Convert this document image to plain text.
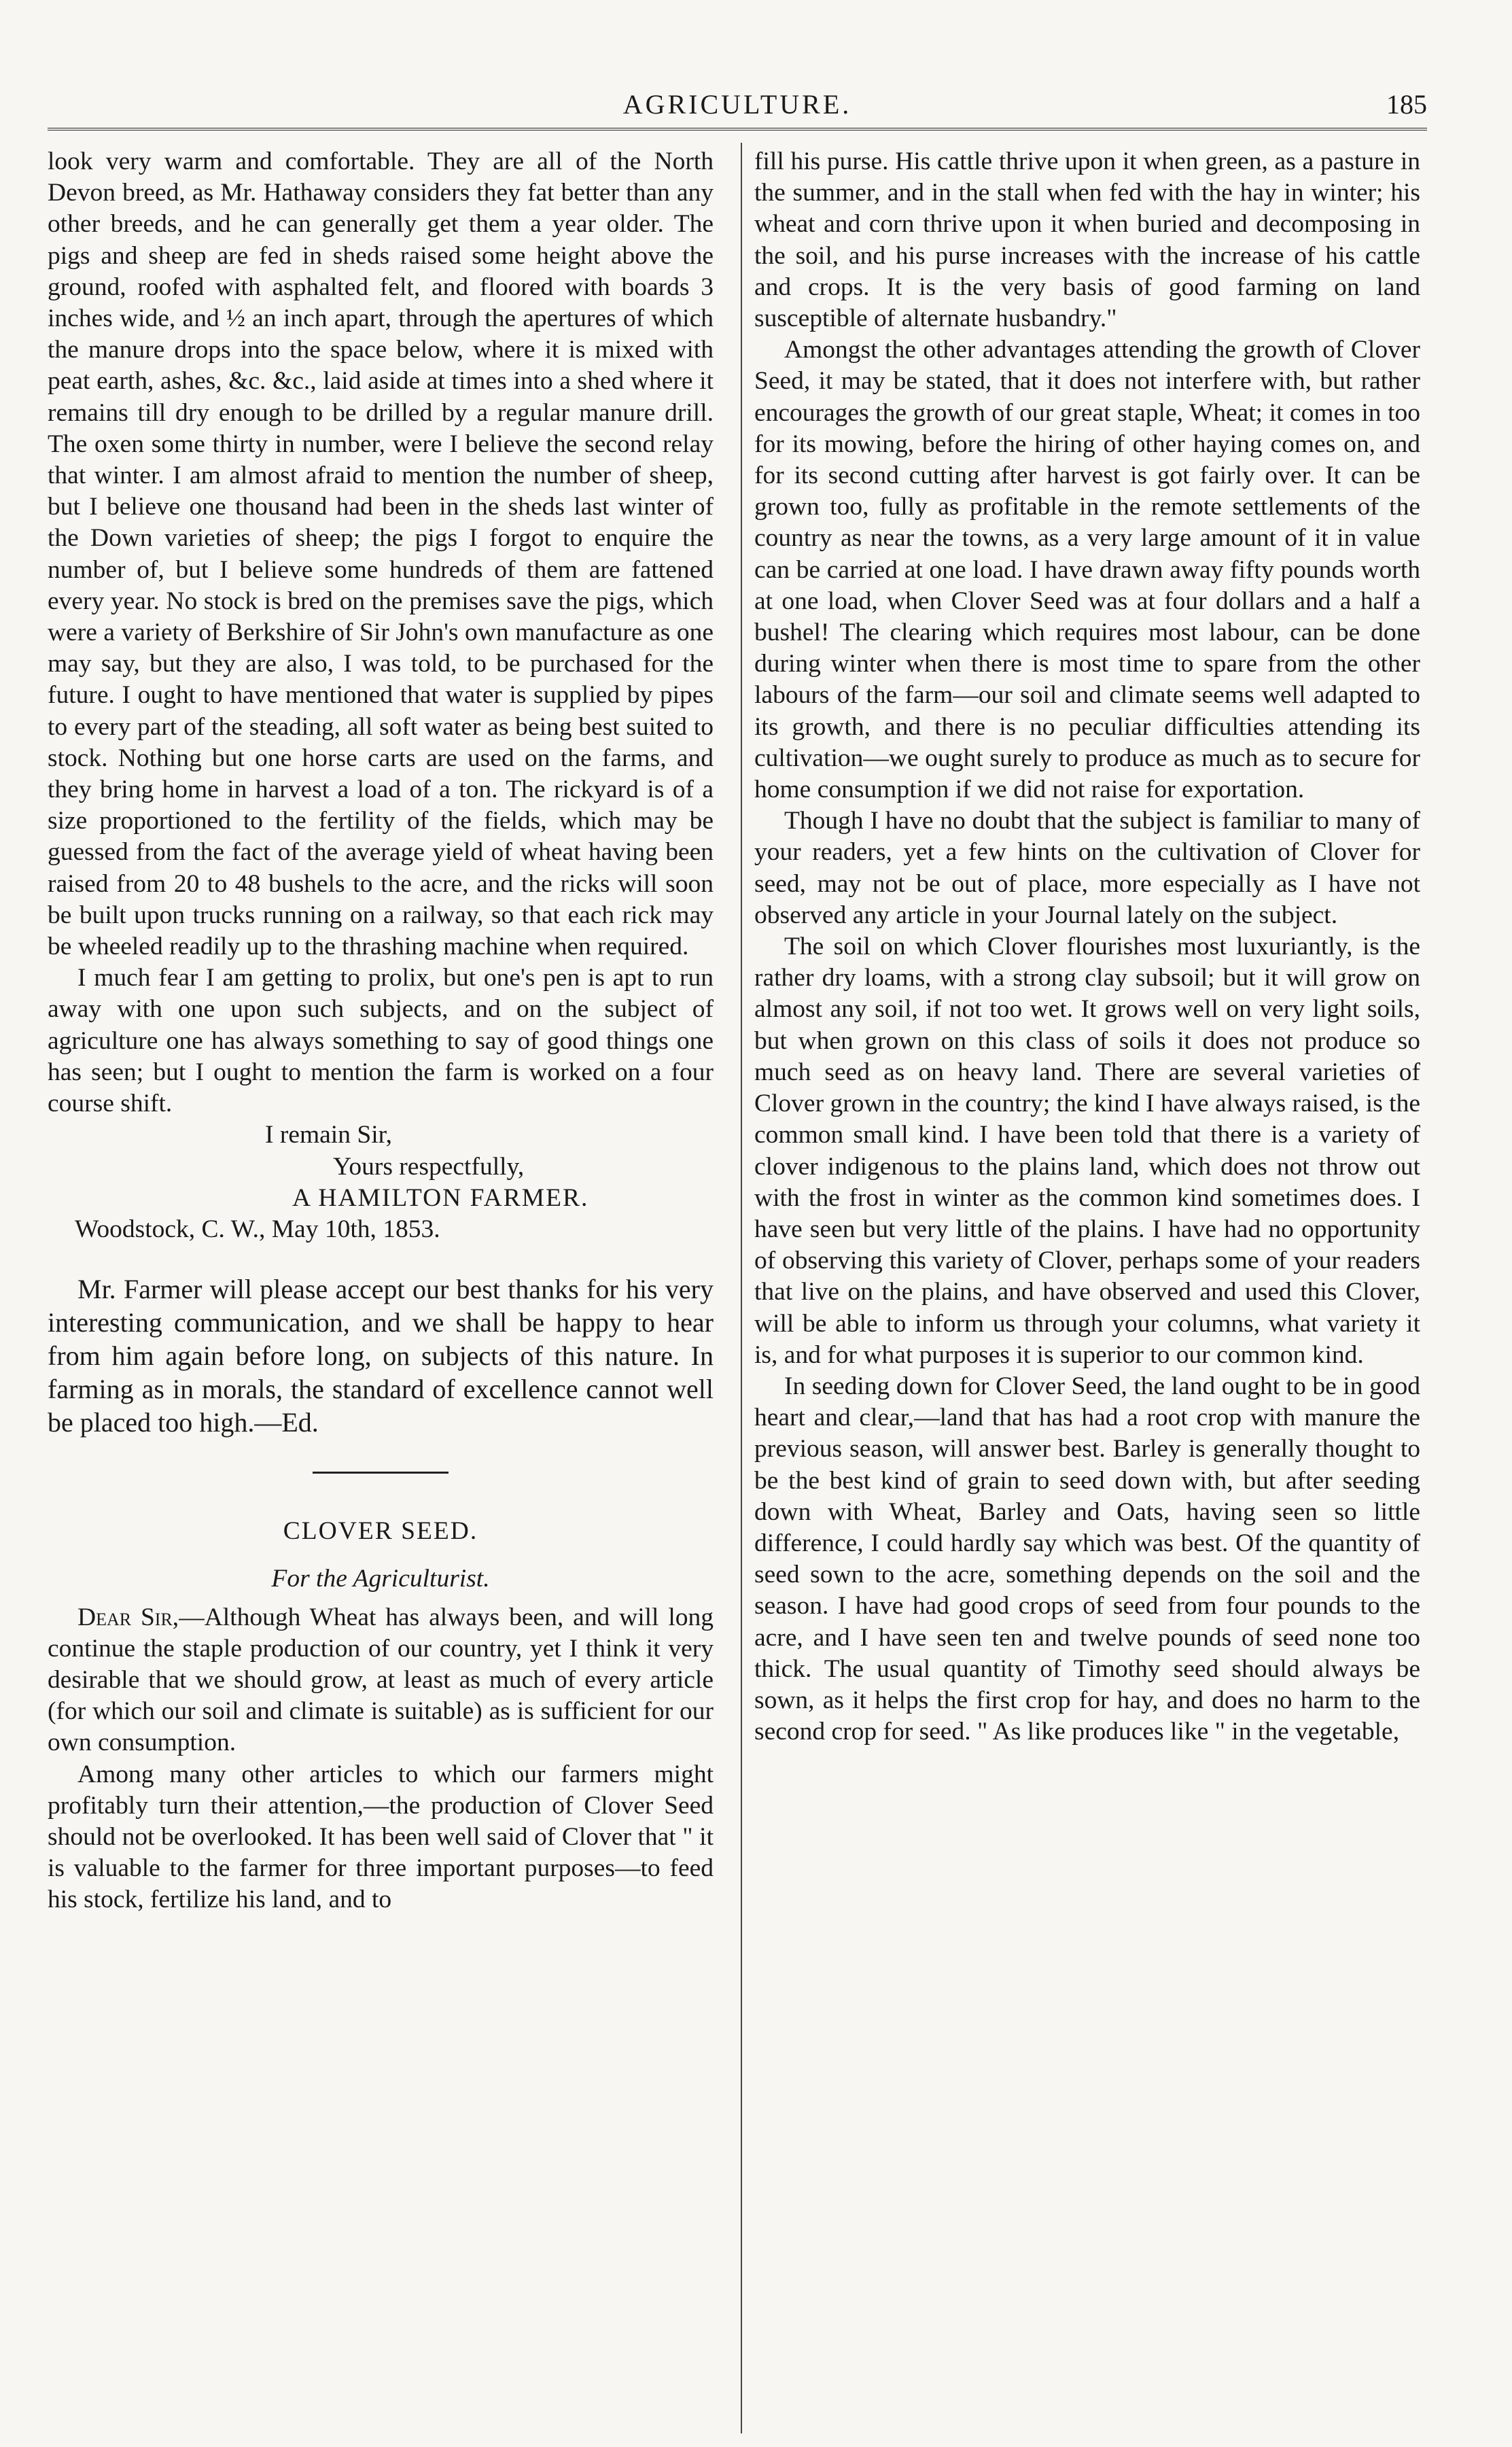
AGRICULTURE.	185

look very warm and comfortable. They are all of the North Devon breed, as Mr. Hathaway considers they fat better than any other breeds, and he can generally get them a year older. The pigs and sheep are fed in sheds raised some height above the ground, roofed with asphalted felt, and floored with boards 3 inches wide, and ½ an inch apart, through the apertures of which the manure drops into the space below, where it is mixed with peat earth, ashes, &c. &c., laid aside at times into a shed where it remains till dry enough to be drilled by a regular manure drill. The oxen some thirty in number, were I believe the second relay that winter. I am almost afraid to mention the number of sheep, but I believe one thousand had been in the sheds last winter of the Down varieties of sheep; the pigs I forgot to enquire the number of, but I believe some hundreds of them are fattened every year. No stock is bred on the premises save the pigs, which were a variety of Berkshire of Sir John's own manufacture as one may say, but they are also, I was told, to be purchased for the future. I ought to have mentioned that water is supplied by pipes to every part of the steading, all soft water as being best suited to stock. Nothing but one horse carts are used on the farms, and they bring home in harvest a load of a ton. The rickyard is of a size proportioned to the fertility of the fields, which may be guessed from the fact of the average yield of wheat having been raised from 20 to 48 bushels to the acre, and the ricks will soon be built upon trucks running on a railway, so that each rick may be wheeled readily up to the thrashing machine when required.

I much fear I am getting to prolix, but one's pen is apt to run away with one upon such subjects, and on the subject of agriculture one has always something to say of good things one has seen; but I ought to mention the farm is worked on a four course shift.

I remain Sir,
Yours respectfully,
A HAMILTON FARMER.
Woodstock, C. W., May 10th, 1853.

Mr. Farmer will please accept our best thanks for his very interesting communication, and we shall be happy to hear from him again before long, on subjects of this nature. In farming as in morals, the standard of excellence cannot well be placed too high.—Ed.

CLOVER SEED.
For the Agriculturist.

Dear Sir,—Although Wheat has always been, and will long continue the staple production of our country, yet I think it very desirable that we should grow, at least as much of every article (for which our soil and climate is suitable) as is sufficient for our own consumption.

Among many other articles to which our farmers might profitably turn their attention,—the production of Clover Seed should not be overlooked. It has been well said of Clover that " it is valuable to the farmer for three important purposes—to feed his stock, fertilize his land, and to

fill his purse. His cattle thrive upon it when green, as a pasture in the summer, and in the stall when fed with the hay in winter; his wheat and corn thrive upon it when buried and decomposing in the soil, and his purse increases with the increase of his cattle and crops. It is the very basis of good farming on land susceptible of alternate husbandry."

Amongst the other advantages attending the growth of Clover Seed, it may be stated, that it does not interfere with, but rather encourages the growth of our great staple, Wheat; it comes in too for its mowing, before the hiring of other haying comes on, and for its second cutting after harvest is got fairly over. It can be grown too, fully as profitable in the remote settlements of the country as near the towns, as a very large amount of it in value can be carried at one load. I have drawn away fifty pounds worth at one load, when Clover Seed was at four dollars and a half a bushel! The clearing which requires most labour, can be done during winter when there is most time to spare from the other labours of the farm—our soil and climate seems well adapted to its growth, and there is no peculiar difficulties attending its cultivation—we ought surely to produce as much as to secure for home consumption if we did not raise for exportation.

Though I have no doubt that the subject is familiar to many of your readers, yet a few hints on the cultivation of Clover for seed, may not be out of place, more especially as I have not observed any article in your Journal lately on the subject.

The soil on which Clover flourishes most luxuriantly, is the rather dry loams, with a strong clay subsoil; but it will grow on almost any soil, if not too wet. It grows well on very light soils, but when grown on this class of soils it does not produce so much seed as on heavy land. There are several varieties of Clover grown in the country; the kind I have always raised, is the common small kind. I have been told that there is a variety of clover indigenous to the plains land, which does not throw out with the frost in winter as the common kind sometimes does. I have seen but very little of the plains. I have had no opportunity of observing this variety of Clover, perhaps some of your readers that live on the plains, and have observed and used this Clover, will be able to inform us through your columns, what variety it is, and for what purposes it is superior to our common kind.

In seeding down for Clover Seed, the land ought to be in good heart and clear,—land that has had a root crop with manure the previous season, will answer best. Barley is generally thought to be the best kind of grain to seed down with, but after seeding down with Wheat, Barley and Oats, having seen so little difference, I could hardly say which was best. Of the quantity of seed sown to the acre, something depends on the soil and the season. I have had good crops of seed from four pounds to the acre, and I have seen ten and twelve pounds of seed none too thick. The usual quantity of Timothy seed should always be sown, as it helps the first crop for hay, and does no harm to the second crop for seed. " As like produces like " in the vegetable,
